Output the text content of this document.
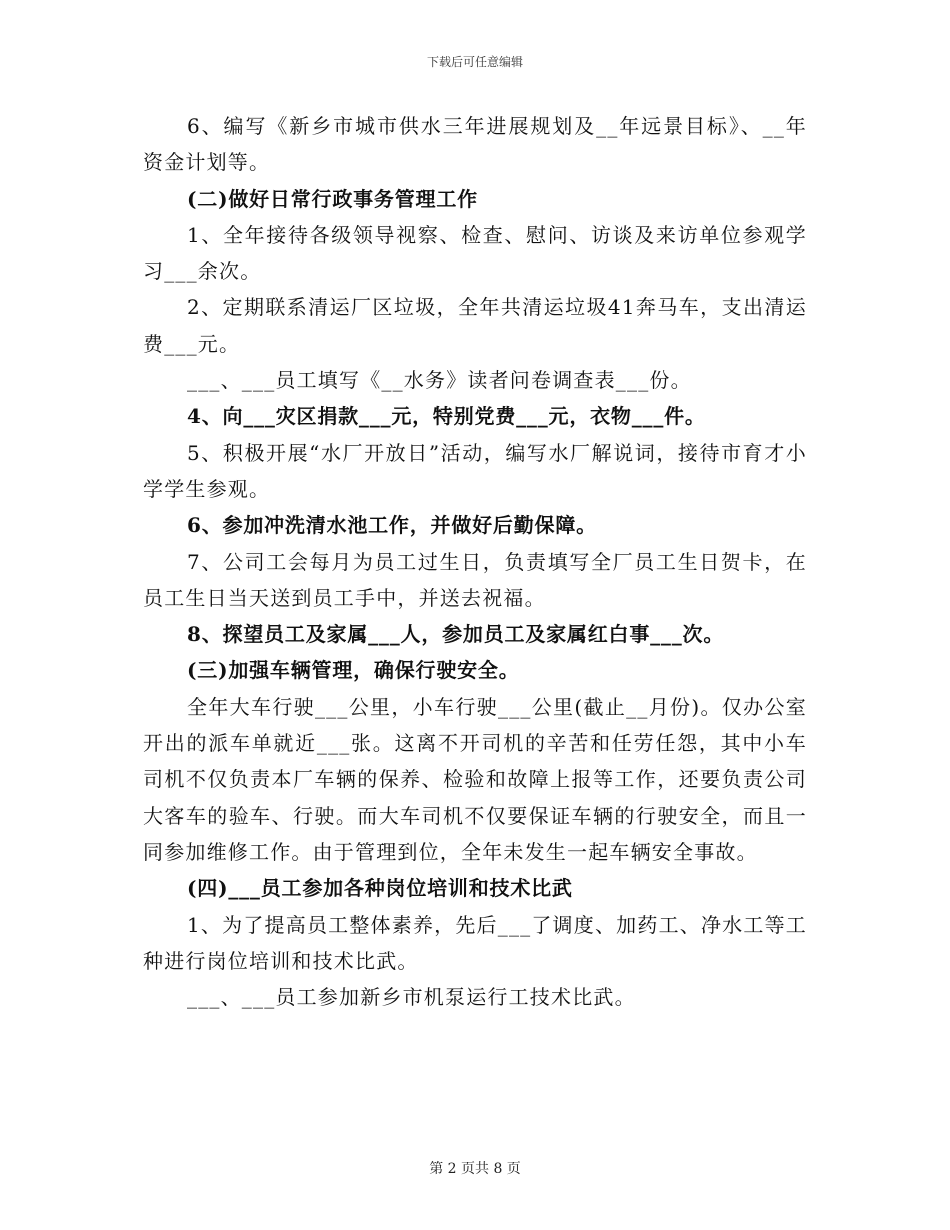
下载后可任意编辑

6、编写《新乡市城市供水三年进展规划及__年远景目标》、__年资金计划等。

(二)做好日常行政事务管理工作

1、全年接待各级领导视察、检查、慰问、访谈及来访单位参观学习___余次。

2、定期联系清运厂区垃圾，全年共清运垃圾41奔马车，支出清运费___元。

___、___员工填写《__水务》读者问卷调查表___份。

4、向___灾区捐款___元，特别党费___元，衣物___件。

5、积极开展“水厂开放日”活动，编写水厂解说词，接待市育才小学学生参观。

6、参加冲洗清水池工作，并做好后勤保障。

7、公司工会每月为员工过生日，负责填写全厂员工生日贺卡，在员工生日当天送到员工手中，并送去祝福。

8、探望员工及家属___人，参加员工及家属红白事___次。

(三)加强车辆管理，确保行驶安全。

全年大车行驶___公里，小车行驶___公里(截止__月份)。仅办公室开出的派车单就近___张。这离不开司机的辛苦和任劳任怨，其中小车司机不仅负责本厂车辆的保养、检验和故障上报等工作，还要负责公司大客车的验车、行驶。而大车司机不仅要保证车辆的行驶安全，而且一同参加维修工作。由于管理到位，全年未发生一起车辆安全事故。

(四)___员工参加各种岗位培训和技术比武

1、为了提高员工整体素养，先后___了调度、加药工、净水工等工种进行岗位培训和技术比武。

___、___员工参加新乡市机泵运行工技术比武。

第 2 页共 8 页
